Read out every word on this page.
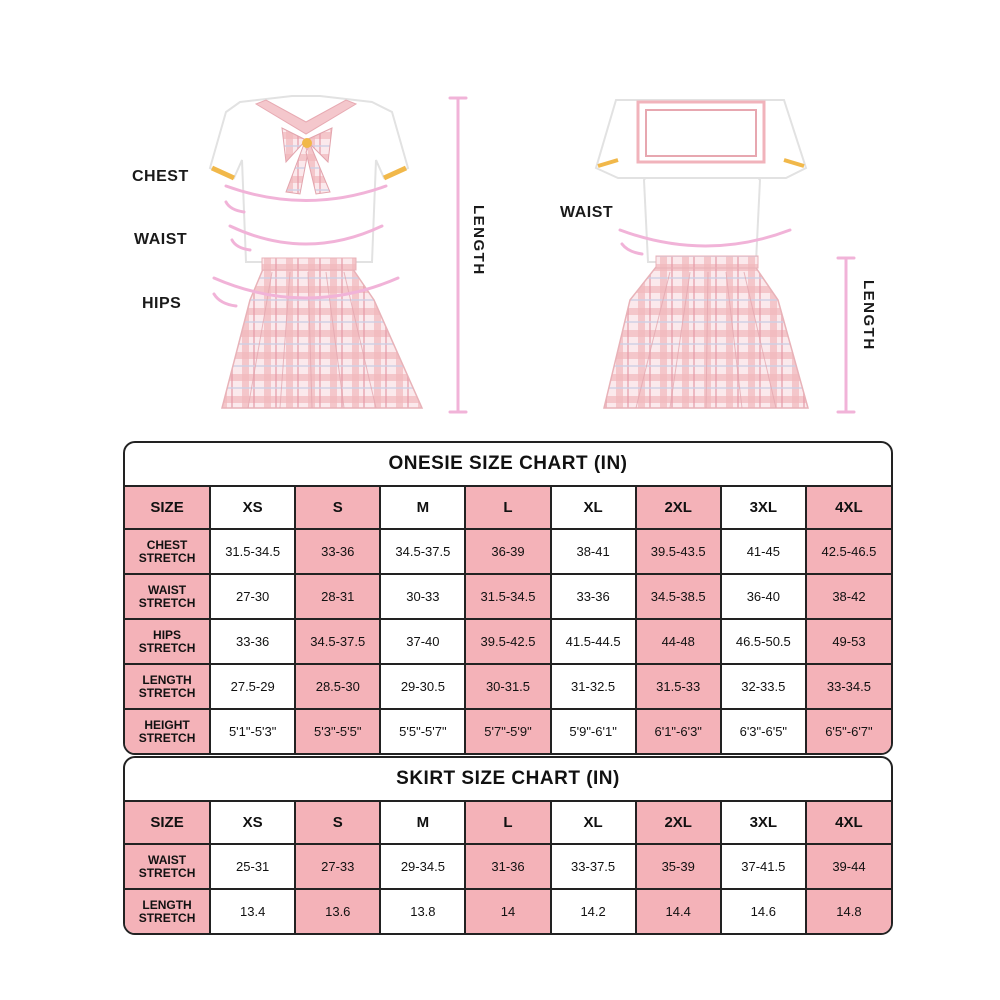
CHEST
WAIST
HIPS
LENGTH	WAIST
LENGTH
ONESIE SIZE CHART (IN)
SIZE	XS	S	M	L	XL	2XL	3XL	4XL

CHEST
STRETCH	31.5-34.5	33-36	34.5-37.5	36-39	38-41	39.5-43.5	41-45	42.5-46.5

WAIST
STRETCH	27-30	28-31	30-33	31.5-34.5	33-36	34.5-38.5	36-40	38-42

HIPS
STRETCH	33-36	34.5-37.5	37-40	39.5-42.5	41.5-44.5	44-48	46.5-50.5	49-53

LENGTH
STRETCH	27.5-29	28.5-30	29-30.5	30-31.5	31-32.5	31.5-33	32-33.5	33-34.5

HEIGHT
STRETCH	5'1"-5'3"	5'3"-5'5"	5'5"-5'7"	5'7"-5'9"	5'9"-6'1"	6'1"-6'3"	6'3"-6'5"	6'5"-6'7"
SKIRT SIZE CHART (IN)
SIZE	XS	S	M	L	XL	2XL	3XL	4XL

WAIST
STRETCH	25-31	27-33	29-34.5	31-36	33-37.5	35-39	37-41.5	39-44

LENGTH
STRETCH	13.4	13.6	13.8	14	14.2	14.4	14.6	14.8
